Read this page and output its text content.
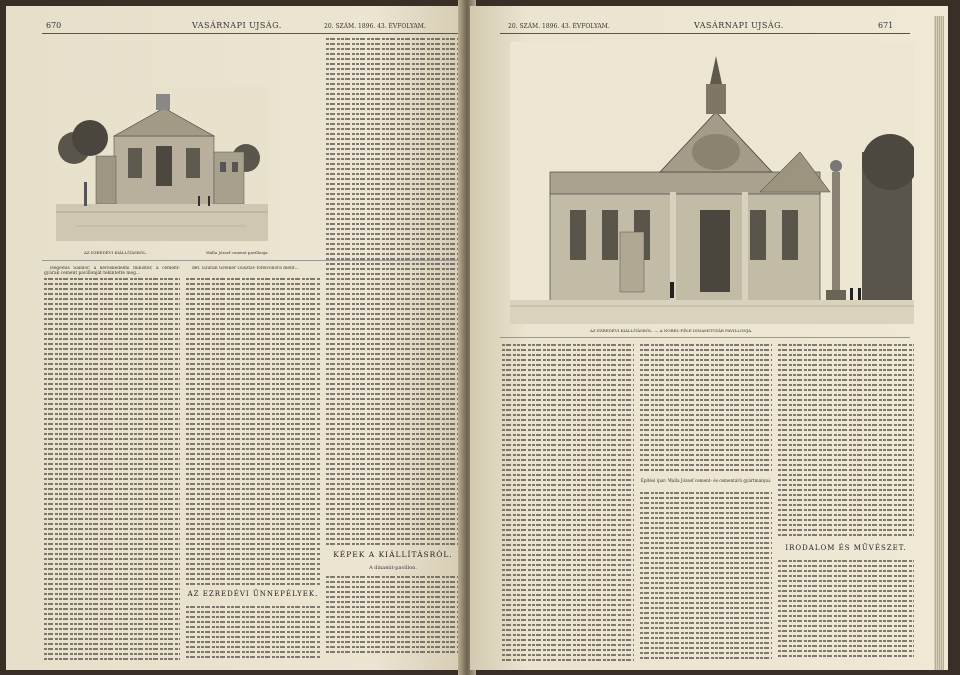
670	VASÁRNAPI UJSÁG.	20. SZÁM. 1896. 43. ÉVFOLYAM.
AZ EZREDÉVI KIÁLLÍTÁSBÓL.	Walla József cement pavillonja.

Hegedűs Sándor, a kereskedelmi minister, a cement-gyárak cement pavillonját tekintette meg...

dét. Ezután Greiner Gusztáv főfelvonóra ment...

AZ EZREDÉVI ÜNNEPÉLYEK.
KÉPEK A KIÁLLÍTÁSRÓL.
A dinamit-pavillon.
20. SZÁM. 1896. 43. ÉVFOLYAM.	VASÁRNAPI UJSÁG.	671
AZ EZREDÉVI KIÁLLÍTÁSBÓL. — A NOBEL-FÉLE DINAMITGYÁR PAVILLONJA.
Építési ipar: Walla József cement- és cementárú gyártmányai.
IRODALOM ÉS MŰVÉSZET.
